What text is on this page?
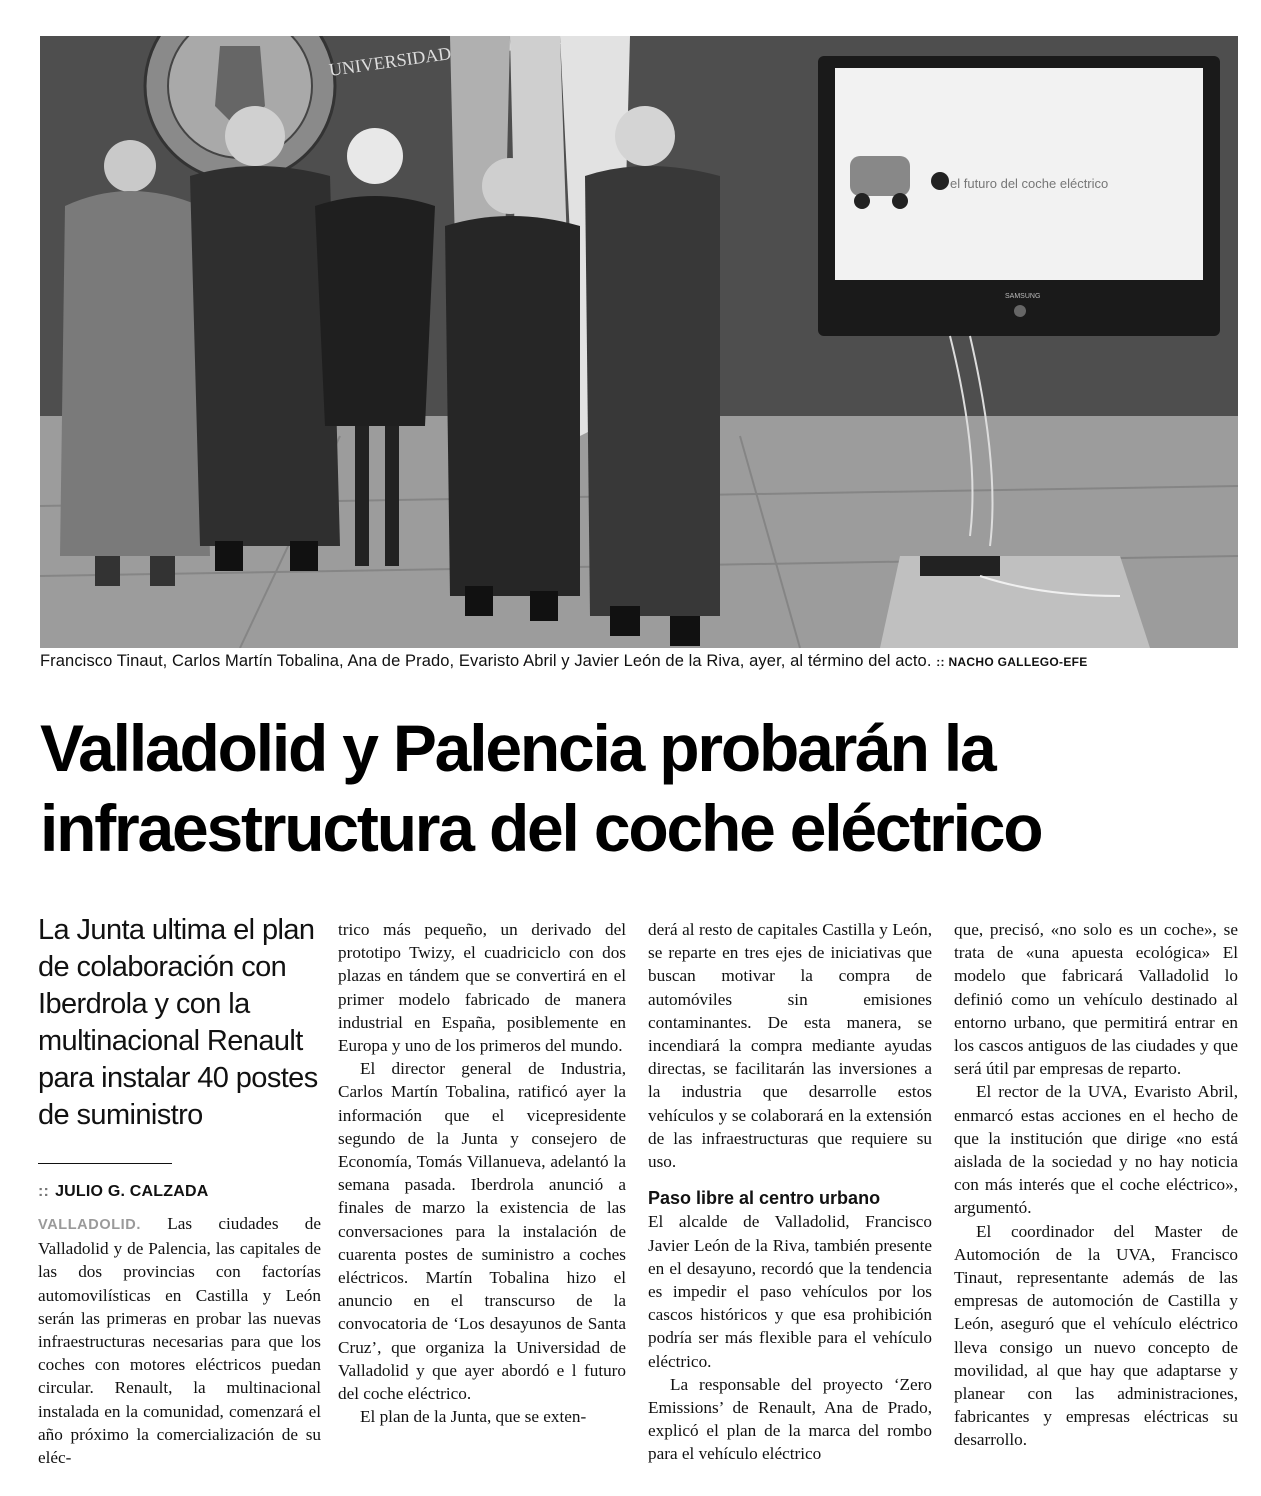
UNIVERSIDAD
el futuro del coche eléctrico
SAMSUNG
Francisco Tinaut, Carlos Martín Tobalina, Ana de Prado, Evaristo Abril y Javier León de la Riva, ayer, al término del acto. :: NACHO GALLEGO-EFE
Valladolid y Palencia probarán la infraestructura del coche eléctrico
La Junta ultima el plan de colaboración con Iberdrola y con la multinacional Renault para instalar 40 postes de suministro
:: JULIO G. CALZADA

VALLADOLID. Las ciudades de Valladolid y de Palencia, las capitales de las dos provincias con factorías automovilísticas en Castilla y León serán las primeras en probar las nuevas infraestructuras necesarias para que los coches con motores eléctricos puedan circular. Renault, la multinacional instalada en la comunidad, comenzará el año próximo la comercialización de su eléc-

trico más pequeño, un derivado del prototipo Twizy, el cuadriciclo con dos plazas en tándem que se convertirá en el primer modelo fabricado de manera industrial en España, posiblemente en Europa y uno de los primeros del mundo.

El director general de Industria, Carlos Martín Tobalina, ratificó ayer la información que el vicepresidente segundo de la Junta y consejero de Economía, Tomás Villanueva, adelantó la semana pasada. Iberdrola anunció a finales de marzo la existencia de las conversaciones para la instalación de cuarenta postes de suministro a coches eléctricos. Martín Tobalina hizo el anuncio en el transcurso de la convocatoria de ‘Los desayunos de Santa Cruz’, que organiza la Universidad de Valladolid y que ayer abordó e l futuro del coche eléctrico.

El plan de la Junta, que se exten-

derá al resto de capitales Castilla y León, se reparte en tres ejes de iniciativas que buscan motivar la compra de automóviles sin emisiones contaminantes. De esta manera, se incendiará la compra mediante ayudas directas, se facilitarán las inversiones a la industria que desarrolle estos vehículos y se colaborará en la extensión de las infraestructuras que requiere su uso.

Paso libre al centro urbano

El alcalde de Valladolid, Francisco Javier León de la Riva, también presente en el desayuno, recordó que la tendencia es impedir el paso vehículos por los cascos históricos y que esa prohibición podría ser más flexible para el vehículo eléctrico.

La responsable del proyecto ‘Zero Emissions’ de Renault, Ana de Prado, explicó el plan de la marca del rombo para el vehículo eléctrico

que, precisó, «no solo es un coche», se trata de «una apuesta ecológica» El modelo que fabricará Valladolid lo definió como un vehículo destinado al entorno urbano, que permitirá entrar en los cascos antiguos de las ciudades y que será útil par empresas de reparto.

El rector de la UVA, Evaristo Abril, enmarcó estas acciones en el hecho de que la institución que dirige «no está aislada de la sociedad y no hay noticia con más interés que el coche eléctrico», argumentó.

El coordinador del Master de Automoción de la UVA, Francisco Tinaut, representante además de las empresas de automoción de Castilla y León, aseguró que el vehículo eléctrico lleva consigo un nuevo concepto de movilidad, al que hay que adaptarse y planear con las administraciones, fabricantes y empresas eléctricas su desarrollo.
